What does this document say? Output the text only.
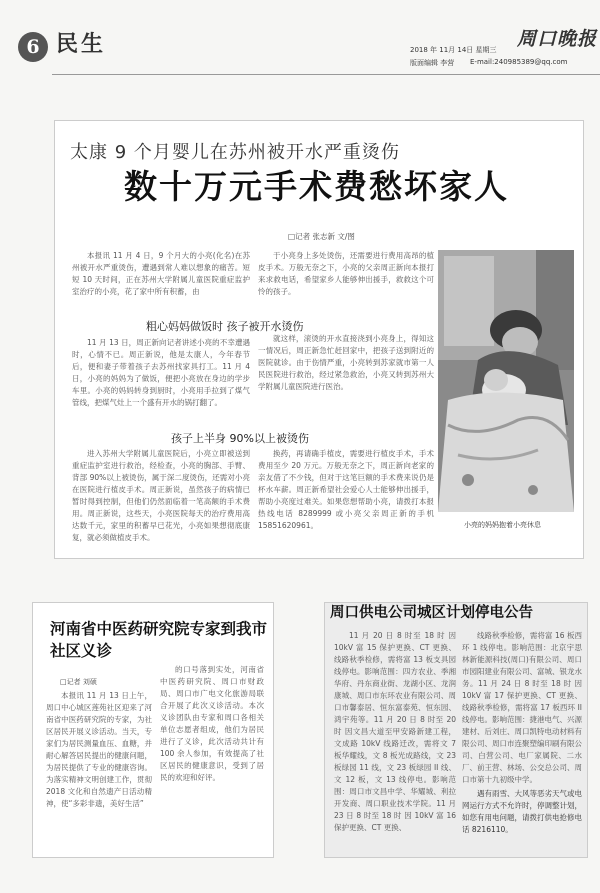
6 民生	2018 年 11月 14日 星期三
版面编辑 李营 E-mail:240985389@qq.com
周口晚报
太康 9 个月婴儿在苏州被开水严重烫伤
数十万元手术费愁坏家人
□记者 张志新 文/图

本报讯 11 月 4 日，9 个月大的小亮(化名)在苏州被开水严重烫伤，遭遇到常人难以想象的痛苦。短短 10 天时间，正在苏州大学附属儿童医院重症监护室治疗的小亮，花了家中所有积蓄，由

于小亮身上多处烫伤，还需要进行费用高昂的植皮手术。万般无奈之下，小亮的父亲周正新向本报打来求救电话，希望家乡人能够伸出援手，救救这个可怜的孩子。

粗心妈妈做饭时 孩子被开水烫伤

11 月 13 日，周正新向记者讲述小亮的不幸遭遇时，心情不已。周正新说，他是太康人，今年春节后，便和妻子带着孩子去苏州找家具打工。11 月 4 日，小亮的妈妈为了做饭，便把小亮放在身边的学步车里。小亮的妈妈转身到厨时，小亮用手拉到了煤气管线，把煤气灶上一个盛有开水的锅打翻了。

就这样，滚烫的开水直接浇到小亮身上，得知这一情况后，周正新急忙赶回家中，把孩子送到附近的医院就诊。由于伤情严重，小亮转到苏家就市第一人民医院进行救治，经过紧急救治，小亮又转到苏州大学附属儿童医院进行医治。

孩子上半身 90%以上被烫伤

进入苏州大学附属儿童医院后，小亮立即被送到重症监护室进行救治，经检查，小亮的胸部、手臂、背部 90%以上被烫伤，属于深二度烫伤，还需对小亮在医院进行植皮手术。周正新说，虽然孩子的病情已暂时得到控制，但他们仍然面临着一笔高额的手术费用。周正新说，这些天，小亮医院每天的治疗费用高达数千元，家里的积蓄早已花光，小亮如果想彻底康复，就必须做植皮手术。

换药，再请确手植皮，需要进行植皮手术，手术费用至少 20 万元。万般无奈之下，周正新向老家的亲友借了不少钱，但对于这笔巨额的手术费来说仍是杯水车薪。周正新希望社会爱心人士能够伸出援手，帮助小亮度过难关。如果您想帮助小亮，请拨打本报热线电话 8289999 或小亮父亲周正新的手机 15851620961。	小亮的妈妈抱着小亮休息
河南省中医药研究院专家到我市社区义诊
□记者 刘硕

本报讯 11 月 13 日上午，周口中心城区莲苑社区迎来了河南省中医药研究院的专家，为社区居民开展义诊活动。当天，专家们为居民测量血压、血糖，并耐心解答居民提出的健康问题，为居民提供了专业的健康咨询。为落实精神文明创建工作，贯彻 2018 文化和自然遗产日活动精神，使“多彩非遗，美好生活”

的口号落到实处，河南省中医药研究院、周口市财政局、周口市广电文化旅游局联合开展了此次义诊活动。本次义诊团队由专家和周口各相关单位志愿者组成，他们为居民进行了义诊，此次活动共计有 100 余人参加，有效提高了社区居民的健康意识，受到了居民的欢迎和好评。

周口供电公司城区计划停电公告

11 月 20 日 8 时至 18 时 因 10kV 富 15 保护更换、CT 更换、线路秋季检修，需将富 13 板支具园线停电。影响范围：四方农业、季湘华府、丹东商业街、龙湖小区、龙润康城、周口市东环农业有限公司、周口市馨泰居、恒东富泰苑、恒东园、鸿宇苑等。11 月 20 日 8 时至 20 时 因文昌大道至甲安路新建工程，文成路 10kV 线路迁改，需将文 7 板华耀线，文 8 板光成路线，文 23 板绿园 11 线，文 23 板绿园 II 线、文 12 板，文 13 线停电。影响范围：周口市文昌中学、华耀城、利拉开发商、周口职业技术学院。11 月 23 日 8 时至 18 时 因 10kV 富 16 保护更换、CT 更换、

线路秋季检修，需将富 16 板西环 1 线停电。影响范围：北京宇思林新能源科技(周口)有限公司、周口市园阳建业有限公司、富城、银龙水务。11 月 24 日 8 时至 18 时 因 10kV 富 17 保护更换、CT 更换、线路秋季检修，需将富 17 板西环 II 线停电。影响范围：捷港电气、兴源建材、后刘庄、周口凯特电动材料有限公司、周口市连聚塑编印刷有限公司、白营公司、电厂家属院、二水厂、前王营、林场、公交总公司、周口市第十九初级中学。

遇有雨雪、大风等恶劣天气或电网运行方式不允许时，停调整计划，如您有用电问题，请拨打供电抢修电话 8216110。
